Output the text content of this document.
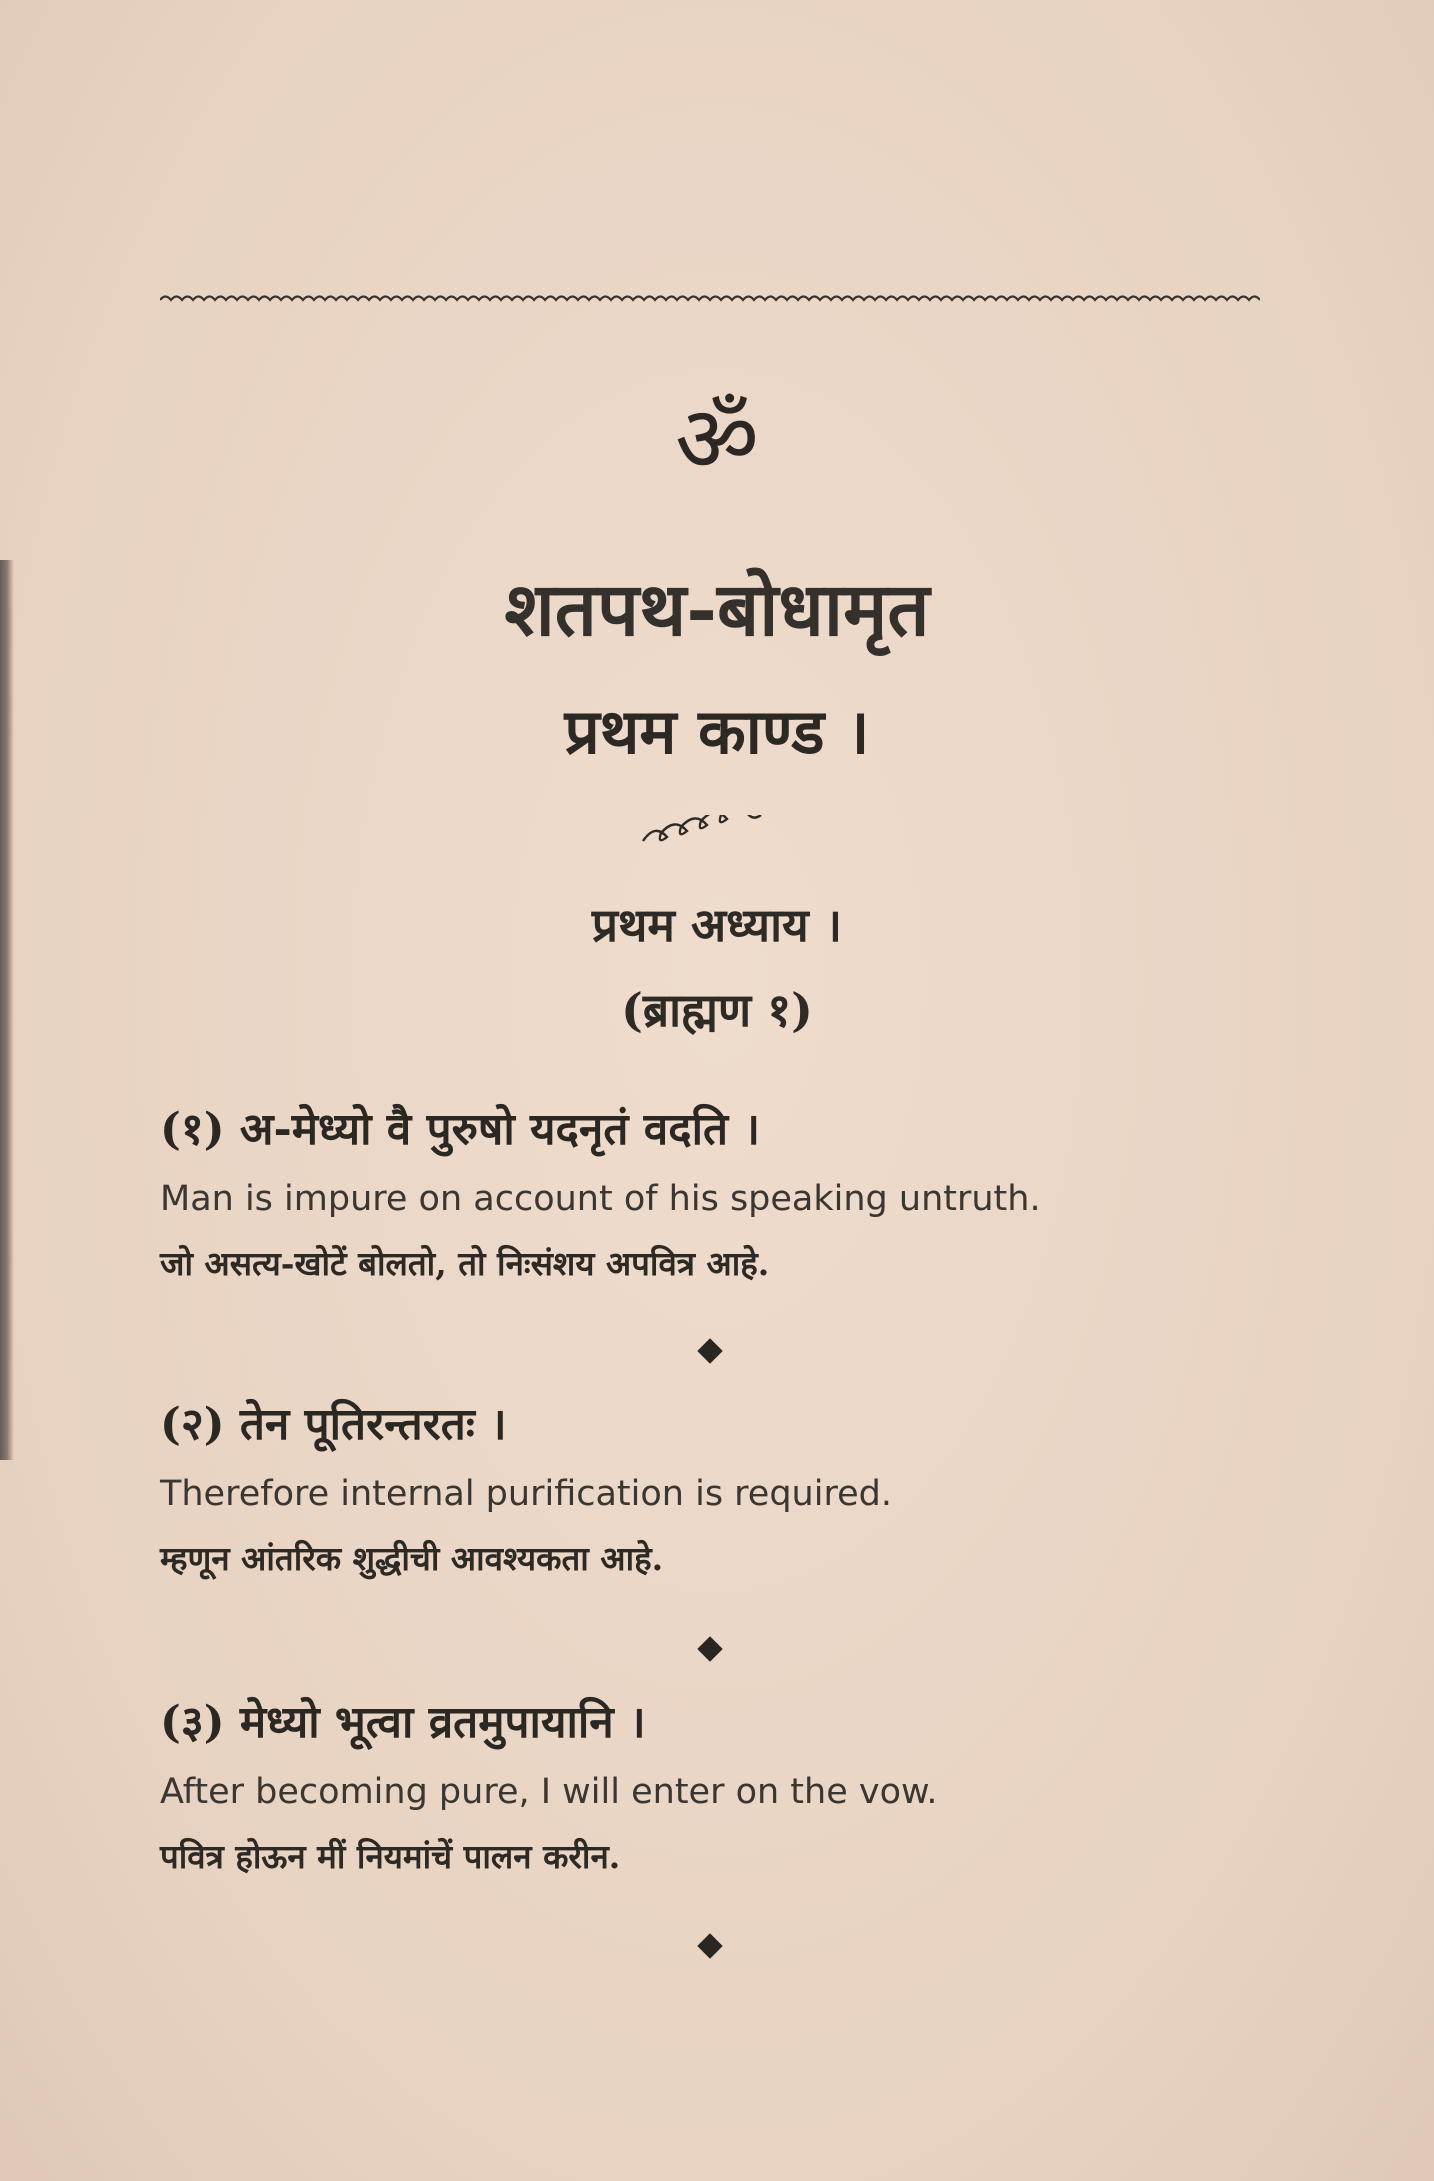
ॐ
शतपथ-बोधामृत
प्रथम काण्ड ।
प्रथम अध्याय ।
(ब्राह्मण १)
(१) अ-मेध्यो वै पुरुषो यदनृतं वदति ।
Man is impure on account of his speaking untruth.
जो असत्य-खोटें बोलतो, तो निःसंशय अपवित्र आहे.
(२) तेन पूतिरन्तरतः ।
Therefore internal purification is required.
म्हणून आंतरिक शुद्धीची आवश्यकता आहे.
(३) मेध्यो भूत्वा व्रतमुपायानि ।
After becoming pure, I will enter on the vow.
पवित्र होऊन मीं नियमांचें पालन करीन.
